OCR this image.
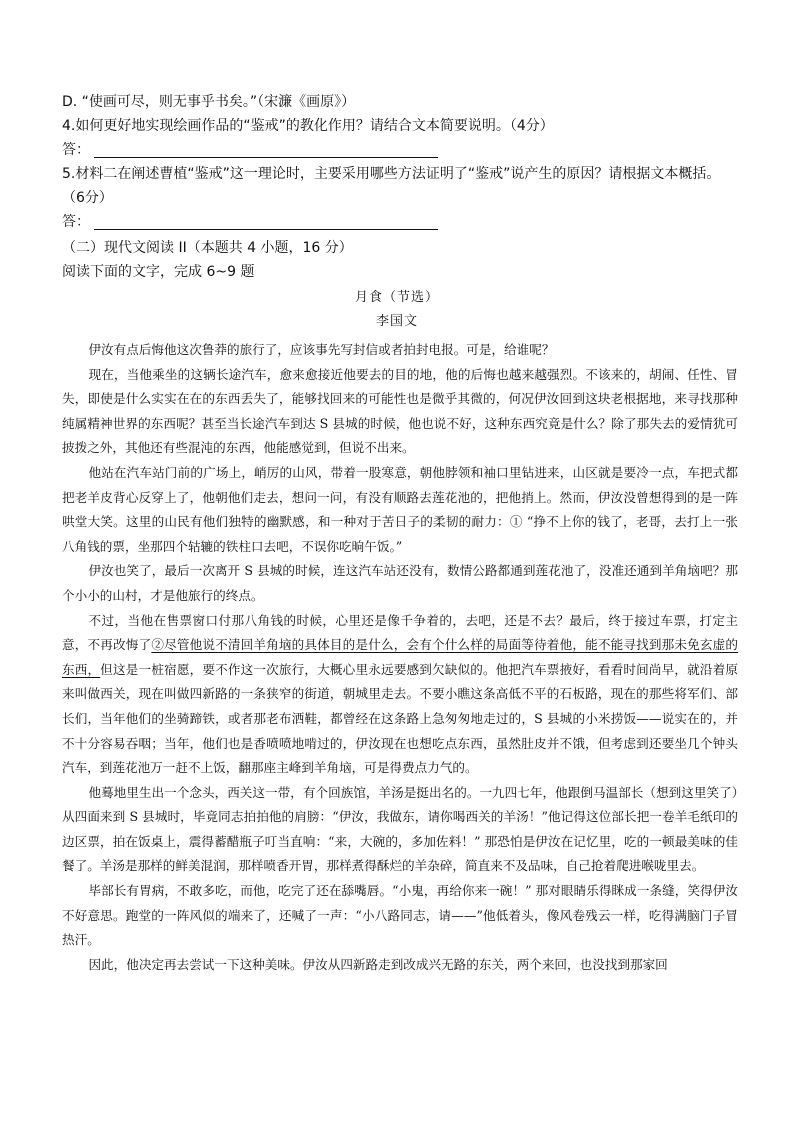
D. “使画可尽，则无事乎书矣。”（宋濂《画原》）
4.如何更好地实现绘画作品的“鉴戒”的教化作用？请结合文本简要说明。（4分）
答：
5.材料二在阐述曹植“鉴戒”这一理论时，主要采用哪些方法证明了“鉴戒”说产生的原因？请根据文本概括。
（6分）
答：
（二）现代文阅读 II（本题共 4 小题，16 分）
阅读下面的文字，完成 6~9 题
月食（节选）
李国文

伊汝有点后悔他这次鲁莽的旅行了，应该事先写封信或者拍封电报。可是，给谁呢？

现在，当他乘坐的这辆长途汽车，愈来愈接近他要去的目的地，他的后悔也越来越强烈。不该来的，胡闹、任性、冒失，即使是什么实实在在的东西丢失了，能够找回来的可能性也是微乎其微的，何况伊汝回到这块老根据地，来寻找那种纯属精神世界的东西呢？甚至当长途汽车到达 S 县城的时候，他也说不好，这种东西究竟是什么？除了那失去的爱情犹可披拨之外，其他还有些混沌的东西，他能感觉到，但说不出来。

他站在汽车站门前的广场上，峭厉的山风，带着一股寒意，朝他脖领和袖口里钻进来，山区就是要冷一点，车把式都把老羊皮背心反穿上了，他朝他们走去，想问一问，有没有顺路去莲花池的，把他捎上。然而，伊汝没曾想得到的是一阵哄堂大笑。这里的山民有他们独特的幽默感，和一种对于苦日子的柔韧的耐力：① “挣不上你的钱了，老哥，去打上一张八角钱的票，坐那四个轱辘的铁柱口去吧，不误你吃晌午饭。”

伊汝也笑了，最后一次离开 S 县城的时候，连这汽车站还没有，数情公路都通到莲花池了，没准还通到羊角垴吧？那个小小的山村，才是他旅行的终点。

不过，当他在售票窗口付那八角钱的时候，心里还是像千争着的，去吧，还是不去？最后，终于接过车票，打定主意，不再改悔了②尽管他说不清回羊角垴的具体目的是什么，会有个什么样的局面等待着他，能不能寻找到那未免玄虚的东西，但这是一桩宿愿，要不作这一次旅行，大概心里永远要感到欠缺似的。他把汽车票掖好，看看时间尚早，就沿着原来叫做西关，现在叫做四新路的一条狭窄的街道，朝城里走去。不要小瞧这条高低不平的石板路，现在的那些将军们、部长们，当年他们的坐骑蹄铁，或者那老布洒鞋，都曾经在这条路上急匆匆地走过的，S 县城的小米捞饭——说实在的，并不十分容易吞咽；当年，他们也是香喷喷地啃过的，伊汝现在也想吃点东西，虽然肚皮并不饿，但考虑到还要坐几个钟头汽车，到莲花池万一赶不上饭，翻那座主峰到羊角垴，可是得费点力气的。

他蓦地里生出一个念头，西关这一带，有个回族馆，羊汤是挺出名的。一九四七年，他跟倒马温部长（想到这里笑了）从四面来到 S 县城时，毕竟同志拍拍他的肩膀：“伊汝，我做东，请你喝西关的羊汤！”他记得这位部长把一卷羊毛纸印的边区票，拍在饭桌上，震得蓄醋瓶子叮当直响：“来，大碗的，多加佐料！” 那恐怕是伊汝在记忆里，吃的一顿最美味的佳餐了。羊汤是那样的鲜美混润，那样喷香开胃，那样煮得酥烂的羊杂碎，简直来不及品味，自己抢着爬进喉咙里去。

毕部长有胃病，不敢多吃，而他，吃完了还在舔嘴唇。“小鬼，再给你来一碗！” 那对眼睛乐得眯成一条缝，笑得伊汝不好意思。跑堂的一阵风似的端来了，还喊了一声：“小八路同志，请——”他低着头，像风卷残云一样，吃得满脑门子冒热汗。

因此，他决定再去尝试一下这种美味。伊汝从四新路走到改成兴无路的东关，两个来回，也没找到那家回
